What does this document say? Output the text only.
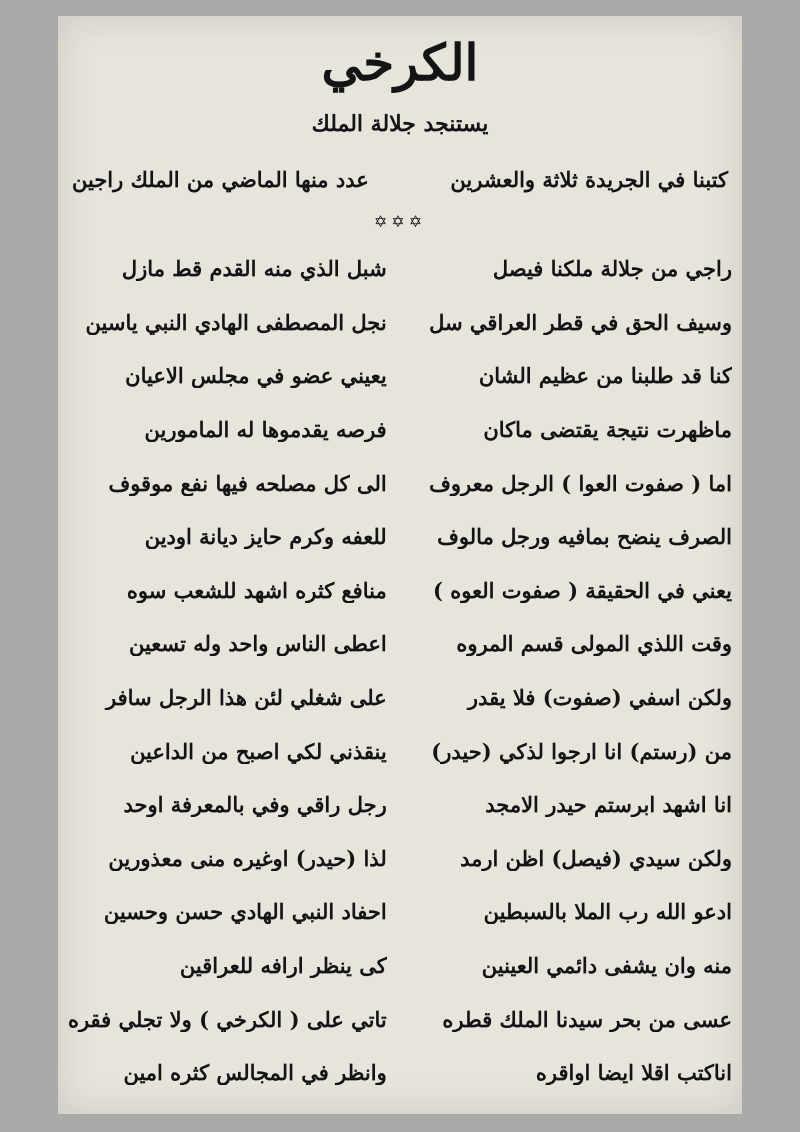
الكرخي
يستنجد جلالة الملك
كتبنا في الجريدة ثلاثة والعشرين
عدد منها الماضي من الملك راجين
✡✡✡
راجي من جلالة ملكنا فيصل
شبل الذي منه القدم قط مازل
وسيف الحق في قطر العراقي سل
نجل المصطفى الهادي النبي ياسين
كنا قد طلبنا من عظيم الشان
يعيني عضو في مجلس الاعيان
ماظهرت نتيجة يقتضى ماكان
فرصه يقدموها له المامورين
اما ( صفوت العوا ) الرجل معروف
الى كل مصلحه فيها نفع موقوف
الصرف ينضح بمافيه ورجل مالوف
للعفه وكرم حايز ديانة اودين
يعني في الحقيقة ( صفوت العوه )
منافع كثره اشهد للشعب سوه
وقت اللذي المولى قسم المروه
اعطى الناس واحد وله تسعين
ولكن اسفي (صفوت) فلا يقدر
على شغلي لئن هذا الرجل سافر
من (رستم) انا ارجوا لذكي (حيدر)
ينقذني لكي اصبح من الداعين
انا اشهد ابرستم حيدر الامجد
رجل راقي وفي بالمعرفة اوحد
ولكن سيدي (فيصل) اظن ارمد
لذا (حيدر) اوغيره منى معذورين
ادعو الله رب الملا بالسبطين
احفاد النبي الهادي حسن وحسين
منه وان يشفى دائمي العينين
كى ينظر ارافه للعراقين
عسى من بحر سيدنا الملك قطره
تاتي على ( الكرخي ) ولا تجلي فقره
اناكتب اقلا ايضا اواقره
وانظر في المجالس كثره امين
